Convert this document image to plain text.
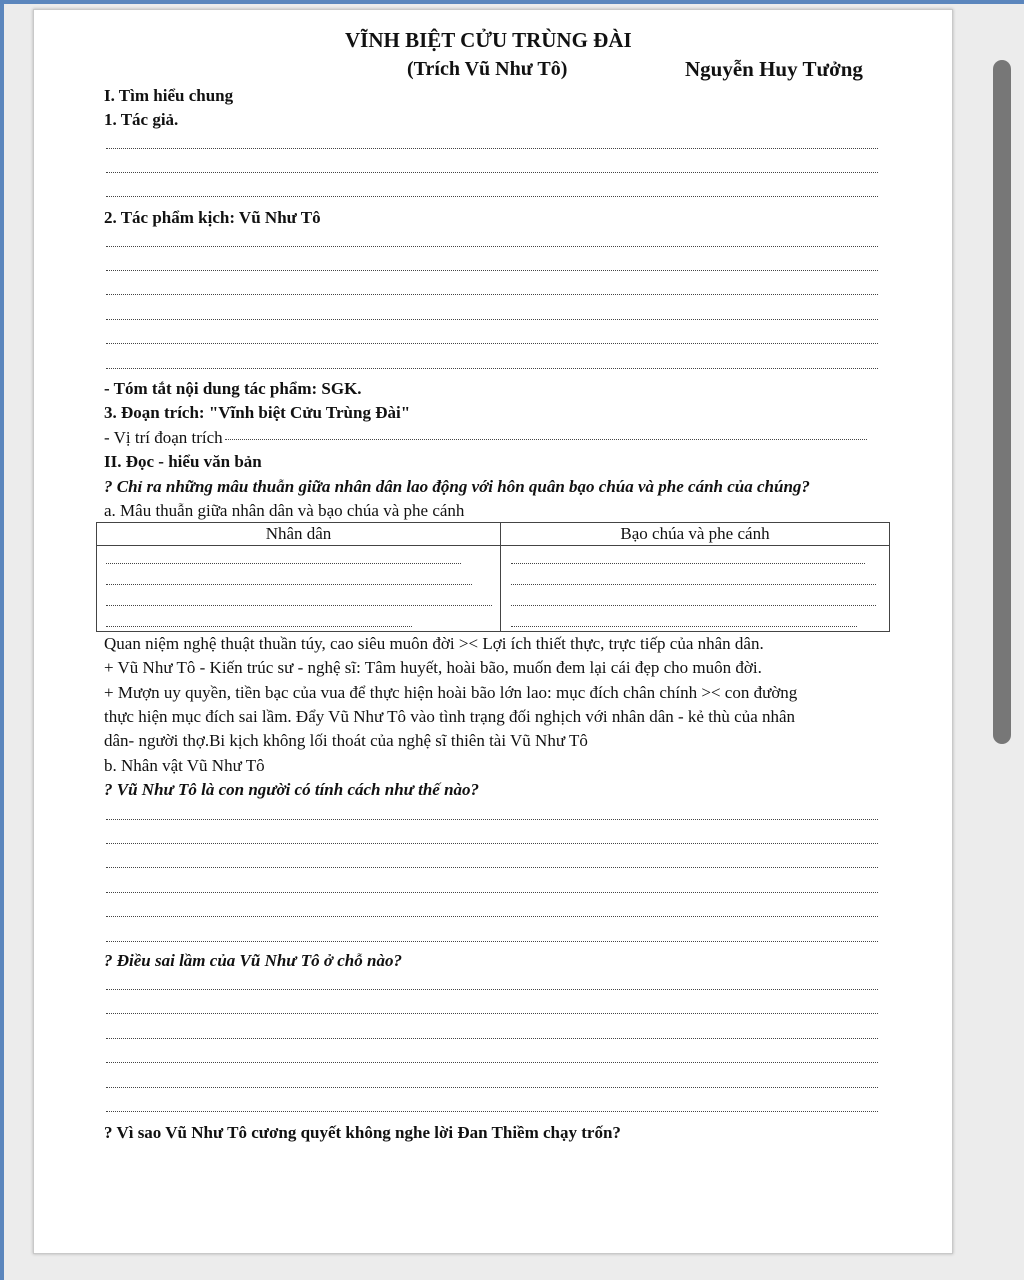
VĨNH BIỆT CỬU TRÙNG ĐÀI
(Trích Vũ Như Tô)	Nguyễn Huy Tưởng
I. Tìm hiểu chung
1. Tác giả.
2. Tác phẩm kịch: Vũ Như Tô
- Tóm tắt nội dung tác phẩm: SGK.
3. Đoạn trích: "Vĩnh biệt Cửu Trùng Đài"
- Vị trí đoạn trích
II. Đọc - hiểu văn bản
? Chỉ ra những mâu thuẫn giữa nhân dân lao động với hôn quân bạo chúa và phe cánh của chúng?
a. Mâu thuẫn giữa nhân dân và bạo chúa và phe cánh
Nhân dân	Bạo chúa và phe cánh
Quan niệm nghệ thuật thuần túy, cao siêu muôn đời >< Lợi ích thiết thực, trực tiếp của nhân dân.
+ Vũ Như Tô - Kiến trúc sư - nghệ sĩ: Tâm huyết, hoài bão, muốn đem lại cái đẹp cho muôn đời.
+ Mượn uy quyền, tiền bạc của vua để thực hiện hoài bão lớn lao: mục đích chân chính >< con đường
thực hiện mục đích sai lầm. Đẩy Vũ Như Tô vào tình trạng đối nghịch với nhân dân - kẻ thù của nhân
dân- người thợ.Bi kịch không lối thoát của nghệ sĩ thiên tài Vũ Như Tô
b. Nhân vật Vũ Như Tô
? Vũ Như Tô là con người có tính cách như thế nào?
? Điều sai lầm của Vũ Như Tô ở chỗ nào?
? Vì sao Vũ Như Tô cương quyết không nghe lời Đan Thiềm chạy trốn?
